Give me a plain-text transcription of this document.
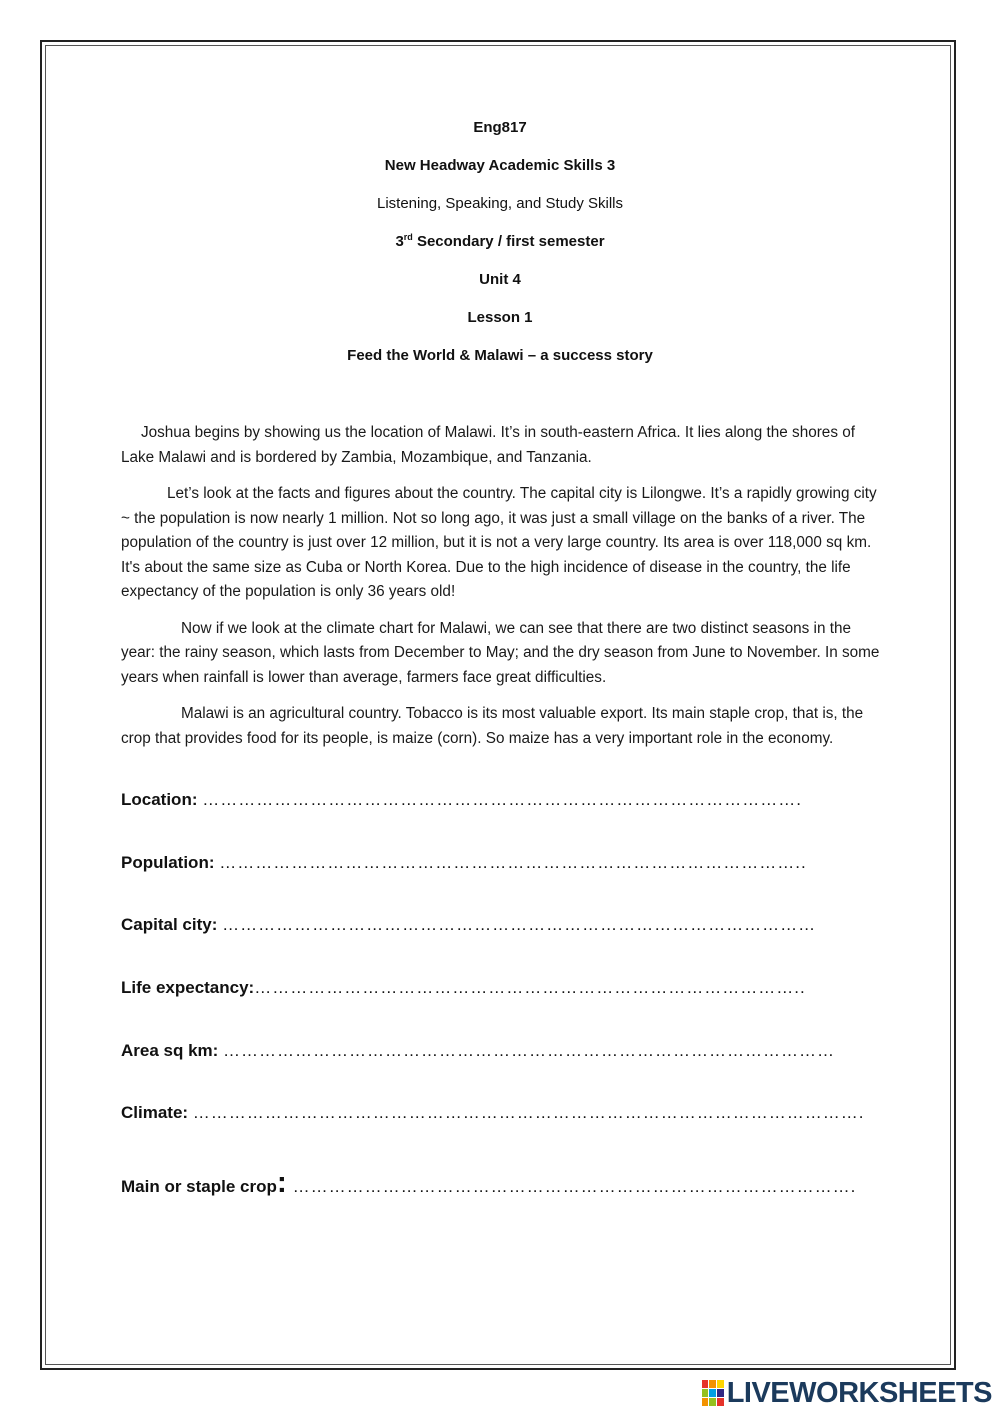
Eng817
New Headway Academic Skills 3
Listening, Speaking, and Study Skills
3rd Secondary / first semester
Unit 4
Lesson 1
Feed the World & Malawi – a success story

Joshua begins by showing us the location of Malawi. It’s in south-eastern Africa. It lies along the shores of Lake Malawi and is bordered by Zambia, Mozambique, and Tanzania.

Let’s look at the facts and figures about the country. The capital city is Lilongwe. It’s a rapidly growing city ~ the population is now nearly 1 million. Not so long ago, it was just a small village on the banks of a river. The population of the country is just over 12 million, but it is not a very large country. Its area is over 118,000 sq km. It's about the same size as Cuba or North Korea. Due to the high incidence of disease in the country, the life expectancy of the population is only 36 years old!

Now if we look at the climate chart for Malawi, we can see that there are two distinct seasons in the year: the rainy season, which lasts from December to May; and the dry season from June to November. In some years when rainfall is lower than average, farmers face great difficulties.

Malawi is an agricultural country. Tobacco is its most valuable export. Its main staple crop, that is, the crop that provides food for its people, is maize (corn). So maize has a very important role in the economy.

Location: ……………………………………………………………………………………….
Population: ……………………………………………………………………………………..
Capital city: ………………………………………………………………………………………
Life expectancy:………………………………………………………………………………..
Area sq km: …………………………………………………………………………………………
Climate: ………………………………………………………………………………………………….
Main or staple crop: ………………………………………………………………………………….
LIVEWORKSHEETS
